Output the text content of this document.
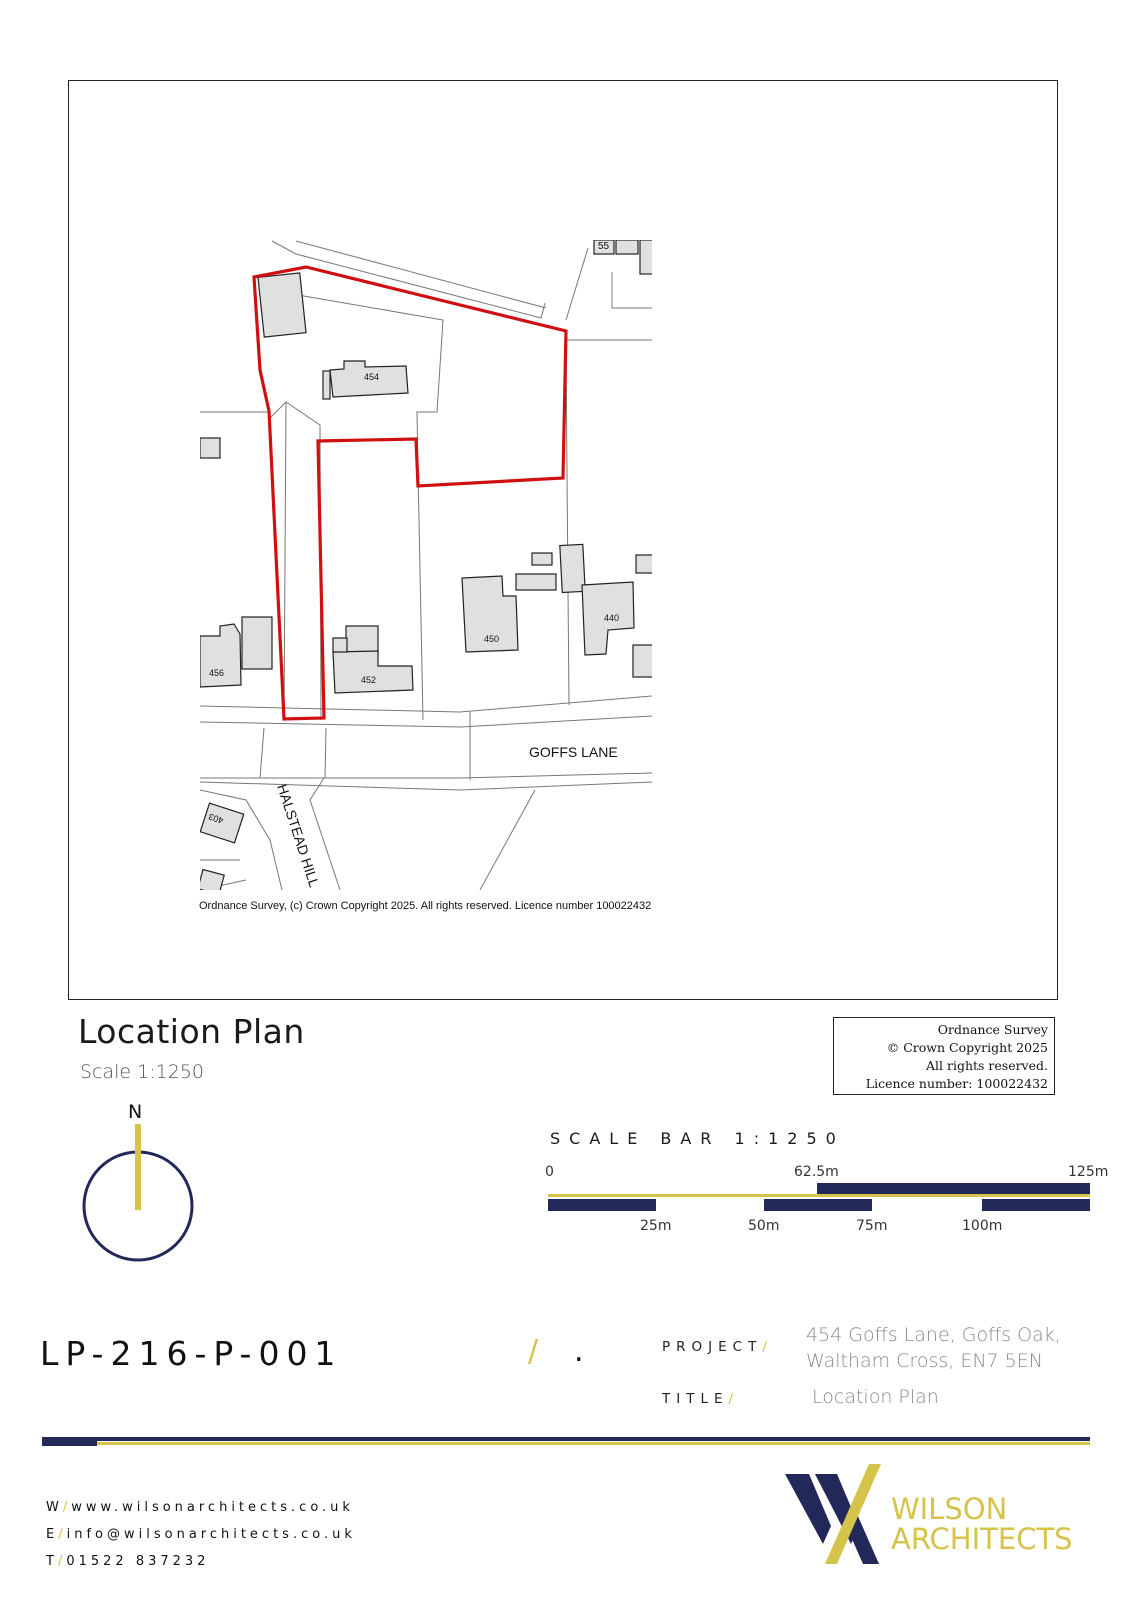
55
454
450
440
456
452
403
GOFFS LANE
HALSTEAD HILL
Ordnance Survey, (c) Crown Copyright 2025. All rights reserved. Licence number 100022432
Location Plan
Scale 1:1250
Ordnance Survey
© Crown Copyright 2025
All rights reserved.
Licence number: 100022432
N
SCALE BAR 1:1250
0	62.5m	125m
25m	50m	75m	100m
LP-216-P-001	/ .	PROJECT/
454 Goffs Lane, Goffs Oak,
Waltham Cross, EN7 5EN
TITLE/	Location Plan
W/www.wilsonarchitects.co.uk
E/info@wilsonarchitects.co.uk
T/01522 837232
WILSON
ARCHITECTS
